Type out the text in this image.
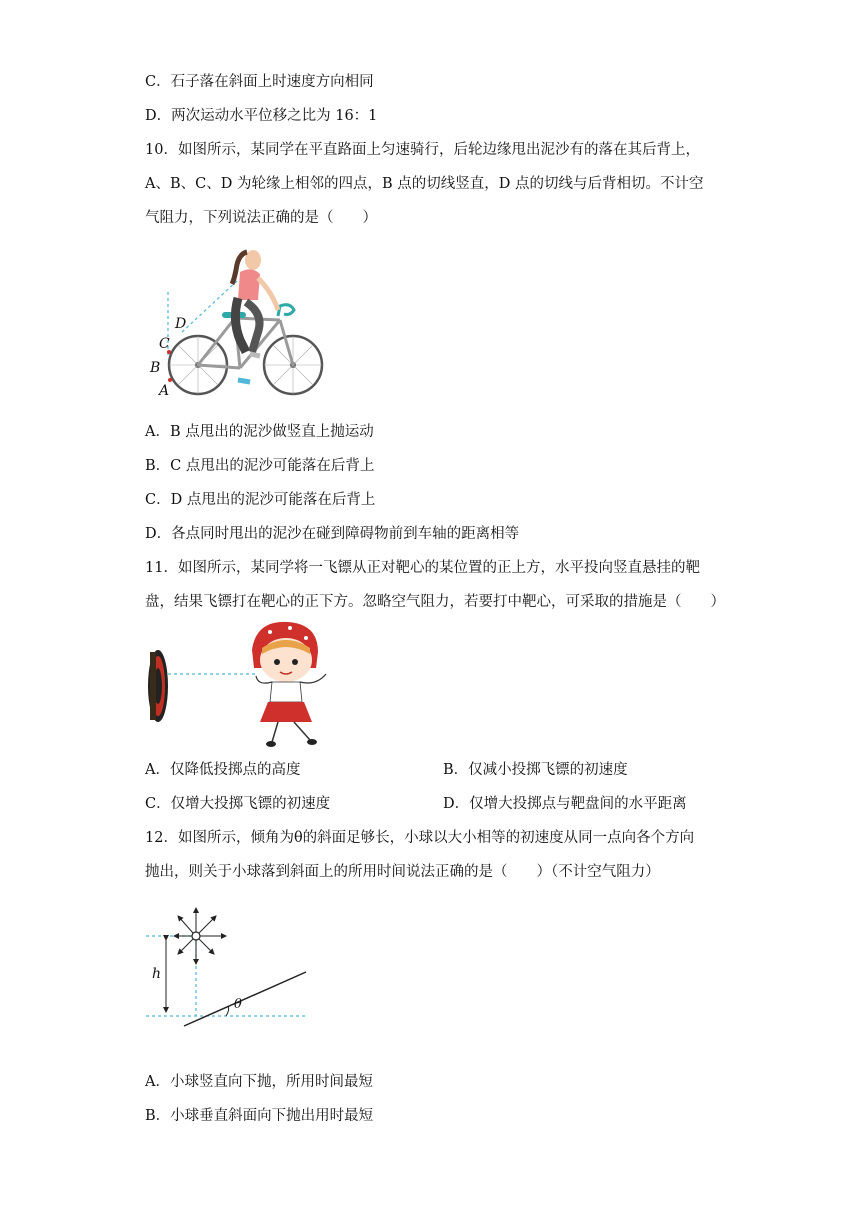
C．石子落在斜面上时速度方向相同
D．两次运动水平位移之比为 16：1
10．如图所示，某同学在平直路面上匀速骑行，后轮边缘甩出泥沙有的落在其后背上，
A、B、C、D 为轮缘上相邻的四点，B 点的切线竖直，D 点的切线与后背相切。不计空
气阻力，下列说法正确的是（　　）
D
C
B
A
A．B 点甩出的泥沙做竖直上抛运动
B．C 点甩出的泥沙可能落在后背上
C．D 点甩出的泥沙可能落在后背上
D．各点同时甩出的泥沙在碰到障碍物前到车轴的距离相等
11．如图所示，某同学将一飞镖从正对靶心的某位置的正上方，水平投向竖直悬挂的靶
盘，结果飞镖打在靶心的正下方。忽略空气阻力，若要打中靶心，可采取的措施是（　　）
A．仅降低投掷点的高度	B．仅减小投掷飞镖的初速度
C．仅增大投掷飞镖的初速度	D．仅增大投掷点与靶盘间的水平距离
12．如图所示，倾角为θ的斜面足够长，小球以大小相等的初速度从同一点向各个方向
抛出，则关于小球落到斜面上的所用时间说法正确的是（　　）（不计空气阻力）
h
θ
A．小球竖直向下抛，所用时间最短
B．小球垂直斜面向下抛出用时最短
